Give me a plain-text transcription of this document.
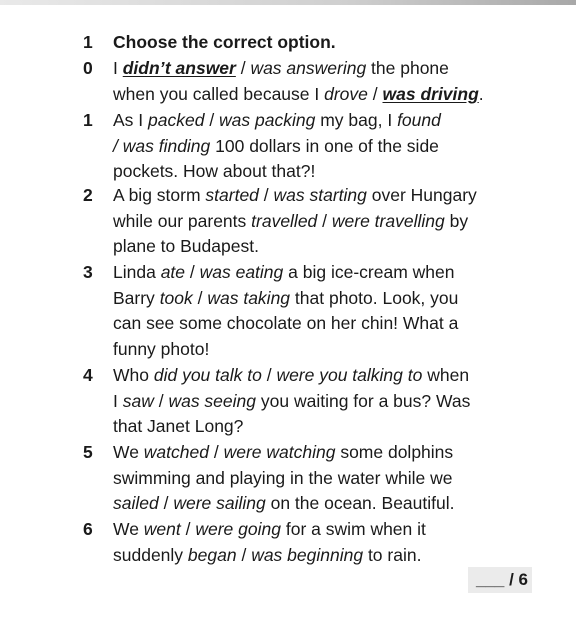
1	Choose the correct option.
0	I didn’t answer / was answering the phone
when you called because I drove / was driving.
1	As I packed / was packing my bag, I found
/ was finding 100 dollars in one of the side
pockets. How about that?!
2	A big storm started / was starting over Hungary
while our parents travelled / were travelling by
plane to Budapest.
3	Linda ate / was eating a big ice-cream when
Barry took / was taking that photo. Look, you
can see some chocolate on her chin! What a
funny photo!
4	Who did you talk to / were you talking to when
I saw / was seeing you waiting for a bus? Was
that Janet Long?
5	We watched / were watching some dolphins
swimming and playing in the water while we
sailed / were sailing on the ocean. Beautiful.
6	We went / were going for a swim when it
suddenly began / was beginning to rain.
___ / 6
